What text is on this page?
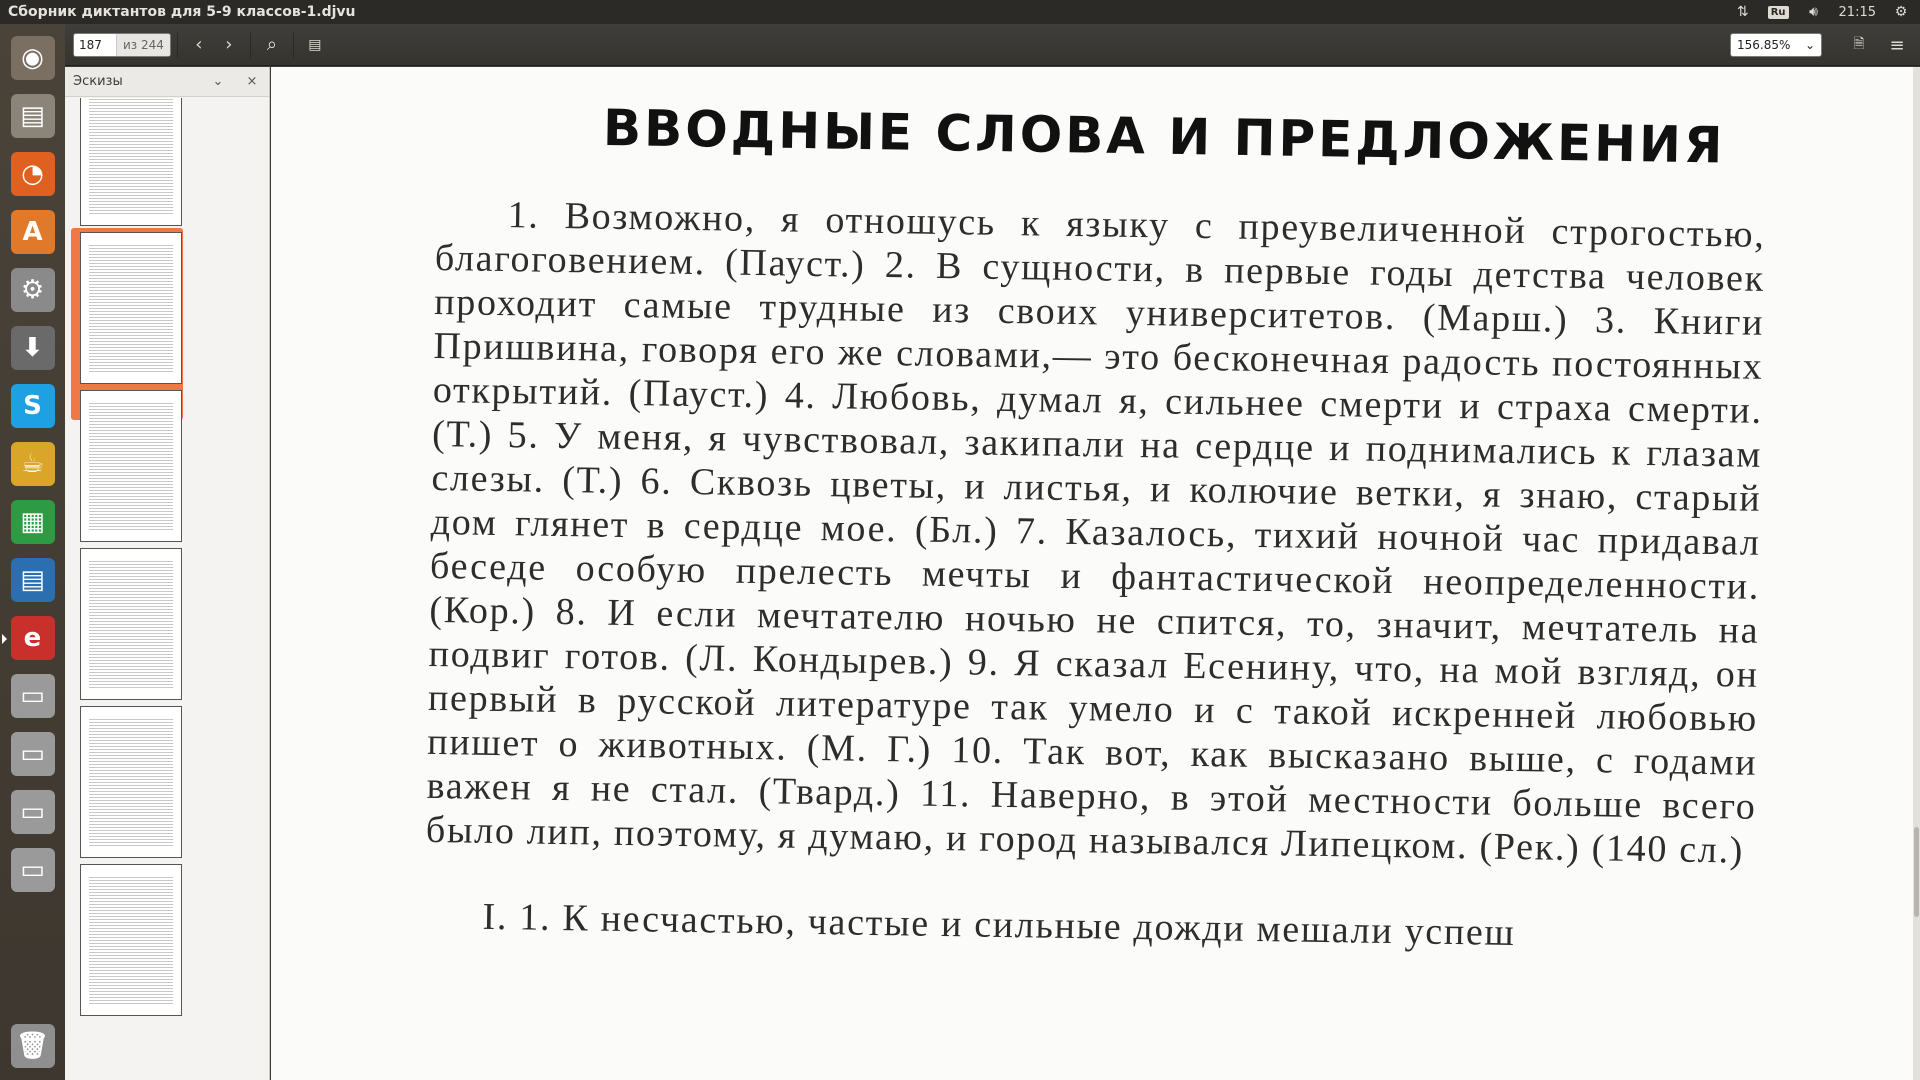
Сборник диктантов для 5-9 классов-1.djvu	⇅	Ru	🔊︎	21:15 ⚙
◉
▤
◔
A
⚙
⬇
S
☕
▦
▤
e
▭
▭
▭
▭
🗑︎
187
из 244	‹ › ⌕ ▤	156.85% ⌄	🗎︎ ≡
Эскизы	⌄ ×
ВВОДНЫЕ СЛОВА И ПРЕДЛОЖЕНИЯ

1. Возможно, я отношусь к языку с преувеличенной строгостью, благоговением. (Пауст.) 2. В сущности, в первые годы детства человек проходит самые трудные из своих университетов. (Марш.) 3. Книги Пришвина, говоря его же словами,— это бесконечная радость постоянных открытий. (Пауст.) 4. Любовь, думал я, сильнее смерти и страха смерти. (Т.) 5. У меня, я чувствовал, закипали на сердце и поднимались к глазам слезы. (Т.) 6. Сквозь цветы, и листья, и колючие ветки, я знаю, старый дом глянет в сердце мое. (Бл.) 7. Казалось, тихий ночной час придавал беседе особую прелесть мечты и фантастической неопределенности. (Кор.) 8. И если мечтателю ночью не спится, то, значит, мечтатель на подвиг готов. (Л. Кондырев.) 9. Я сказал Есенину, что, на мой взгляд, он первый в русской литературе так умело и с такой искренней любовью пишет о животных. (М. Г.) 10. Так вот, как высказано выше, с годами важен я не стал. (Твард.) 11. Наверно, в этой местности больше всего было лип, поэтому, я думаю, и город назывался Липецком. (Рек.) (140 сл.)

I. 1. К несчастью, частые и сильные дожди мешали успеш
